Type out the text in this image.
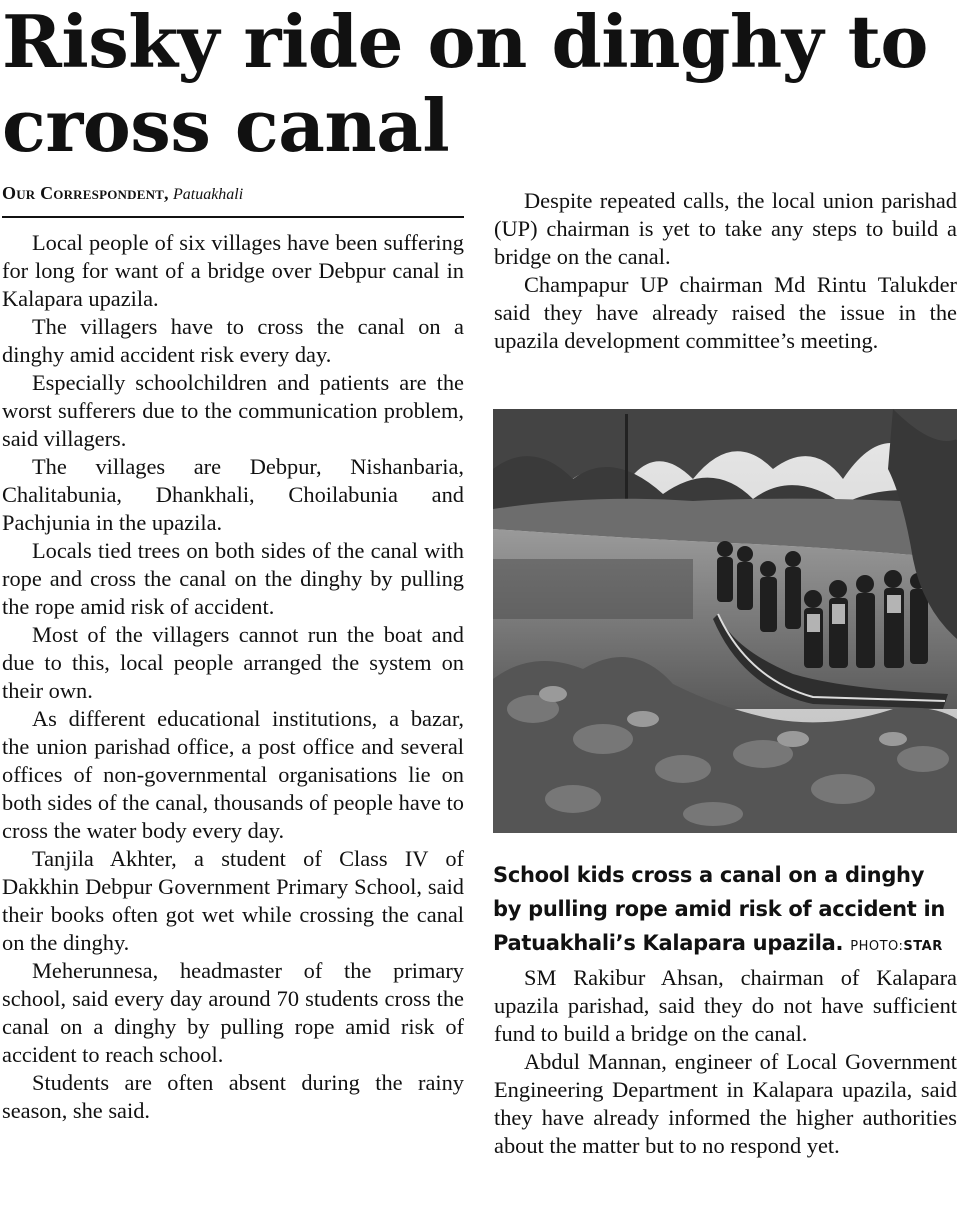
Risky ride on dinghy to cross canal
Our Correspondent, Patuakhali

Local people of six villages have been suffering for long for want of a bridge over Debpur canal in Kalapara upazila.

The villagers have to cross the canal on a dinghy amid accident risk every day.

Especially schoolchildren and patients are the worst sufferers due to the communication problem, said villagers.

The villages are Debpur, Nishanbaria, Chalitabunia, Dhankhali, Choilabunia and Pachjunia in the upazila.

Locals tied trees on both sides of the canal with rope and cross the canal on the dinghy by pulling the rope amid risk of accident.

Most of the villagers cannot run the boat and due to this, local people arranged the system on their own.

As different educational institutions, a bazar, the union parishad office, a post office and several offices of non-governmental organisations lie on both sides of the canal, thousands of people have to cross the water body every day.

Tanjila Akhter, a student of Class IV of Dakkhin Debpur Government Primary School, said their books often got wet while crossing the canal on the dinghy.

Meherunnesa, headmaster of the primary school, said every day around 70 students cross the canal on a dinghy by pulling rope amid risk of accident to reach school.

Students are often absent during the rainy season, she said.

Despite repeated calls, the local union parishad (UP) chairman is yet to take any steps to build a bridge on the canal.

Champapur UP chairman Md Rintu Talukder said they have already raised the issue in the upazila development committee’s meeting.

School kids cross a canal on a dinghy by pulling rope amid risk of accident in Patuakhali’s Kalapara upazila. PHOTO:STAR

SM Rakibur Ahsan, chairman of Kalapara upazila parishad, said they do not have sufficient fund to build a bridge on the canal.

Abdul Mannan, engineer of Local Government Engineering Department in Kalapara upazila, said they have already informed the higher authorities about the matter but to no respond yet.
